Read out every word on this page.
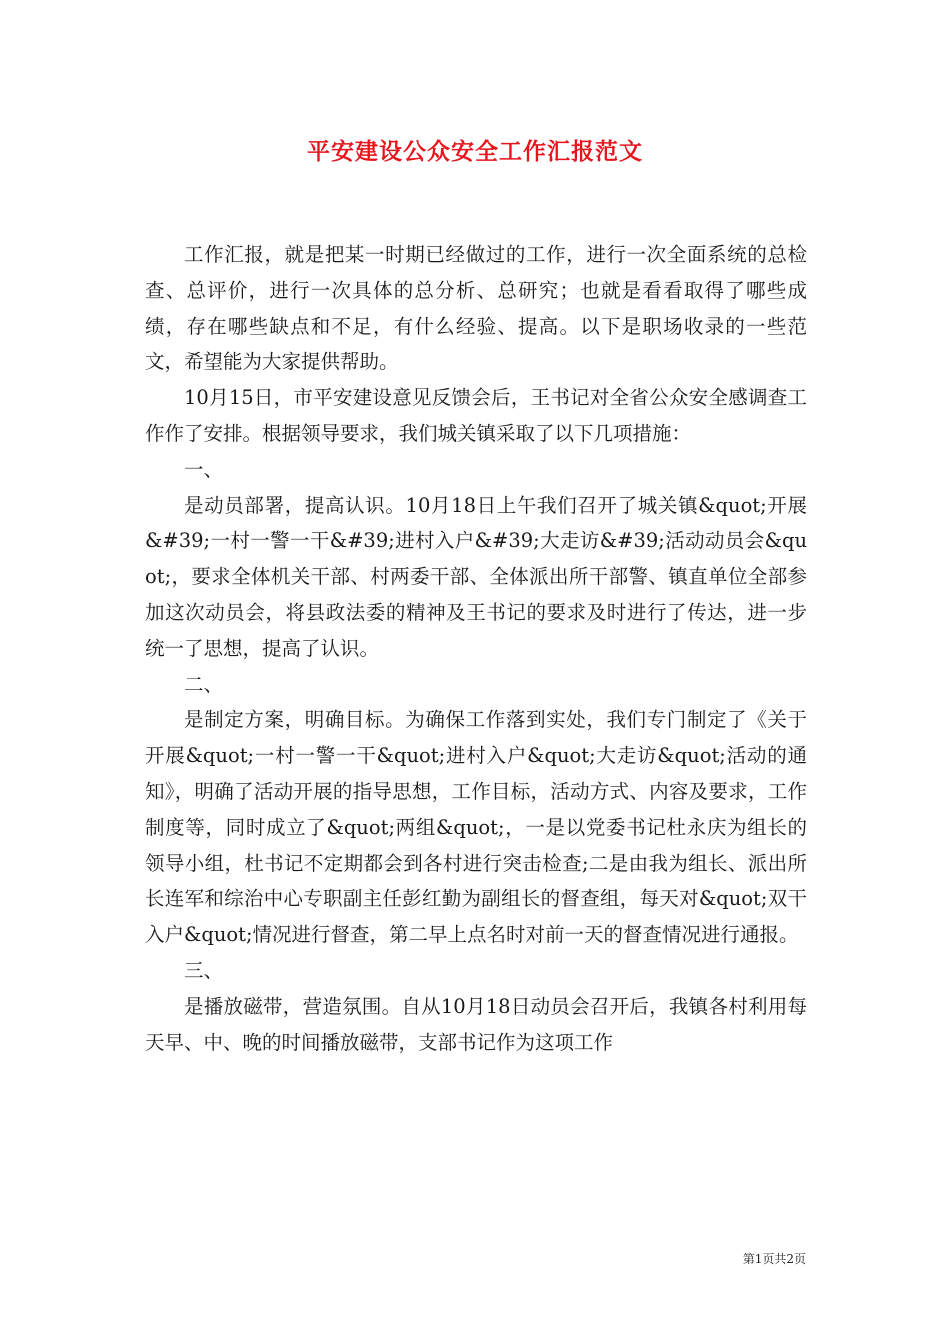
平安建设公众安全工作汇报范文

工作汇报，就是把某一时期已经做过的工作，进行一次全面系统的总检查、总评价，进行一次具体的总分析、总研究；也就是看看取得了哪些成绩，存在哪些缺点和不足，有什么经验、提高。以下是职场收录的一些范文，希望能为大家提供帮助。

10月15日，市平安建设意见反馈会后，王书记对全省公众安全感调查工作作了安排。根据领导要求，我们城关镇采取了以下几项措施：

一、

是动员部署，提高认识。10月18日上午我们召开了城关镇&quot;开展&#39;一村一警一干&#39;进村入户&#39;大走访&#39;活动动员会&quot;，要求全体机关干部、村两委干部、全体派出所干部警、镇直单位全部参加这次动员会，将县政法委的精神及王书记的要求及时进行了传达，进一步统一了思想，提高了认识。

二、

是制定方案，明确目标。为确保工作落到实处，我们专门制定了《关于开展&quot;一村一警一干&quot;进村入户&quot;大走访&quot;活动的通知》，明确了活动开展的指导思想，工作目标，活动方式、内容及要求，工作制度等，同时成立了&quot;两组&quot;，一是以党委书记杜永庆为组长的领导小组，杜书记不定期都会到各村进行突击检查;二是由我为组长、派出所长连军和综治中心专职副主任彭红勤为副组长的督查组，每天对&quot;双干入户&quot;情况进行督查，第二早上点名时对前一天的督查情况进行通报。

三、

是播放磁带，营造氛围。自从10月18日动员会召开后，我镇各村利用每天早、中、晚的时间播放磁带，支部书记作为这项工作

第1页共2页
